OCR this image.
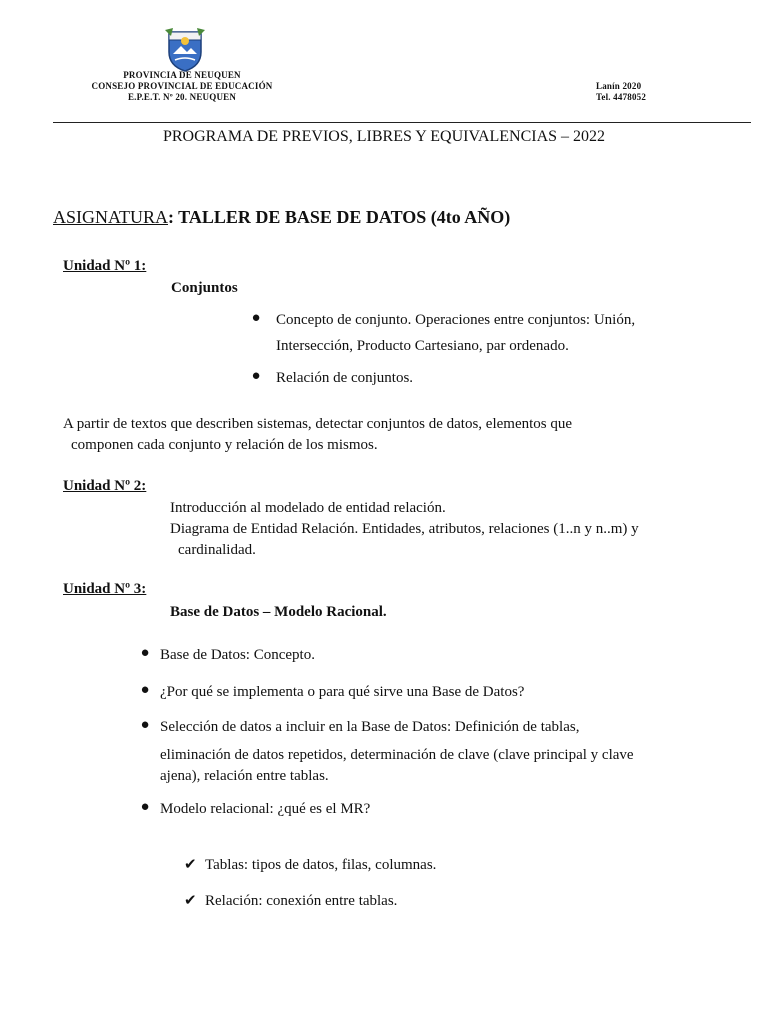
PROVINCIA DE NEUQUEN
CONSEJO PROVINCIAL DE EDUCACIÓN
E.P.E.T. Nº 20. NEUQUEN
Lanín 2020
Tel. 4478052
PROGRAMA DE PREVIOS, LIBRES Y EQUIVALENCIAS – 2022
ASIGNATURA: TALLER DE BASE DE DATOS (4to AÑO)
Unidad Nº 1:
Conjuntos
● Concepto de conjunto. Operaciones entre conjuntos: Unión,
Intersección, Producto Cartesiano, par ordenado.
● Relación de conjuntos.
A partir de textos que describen sistemas, detectar conjuntos de datos, elementos que
componen cada conjunto y relación de los mismos.
Unidad Nº 2:
Introducción al modelado de entidad relación.
Diagrama de Entidad Relación. Entidades, atributos, relaciones (1..n y n..m) y
cardinalidad.
Unidad Nº 3:
Base de Datos – Modelo Racional.
● Base de Datos: Concepto.
● ¿Por qué se implementa o para qué sirve una Base de Datos?
● Selección de datos a incluir en la Base de Datos: Definición de tablas,
eliminación de datos repetidos, determinación de clave (clave principal y clave
ajena), relación entre tablas.
● Modelo relacional: ¿qué es el MR?
✔ Tablas: tipos de datos, filas, columnas.
✔ Relación: conexión entre tablas.
